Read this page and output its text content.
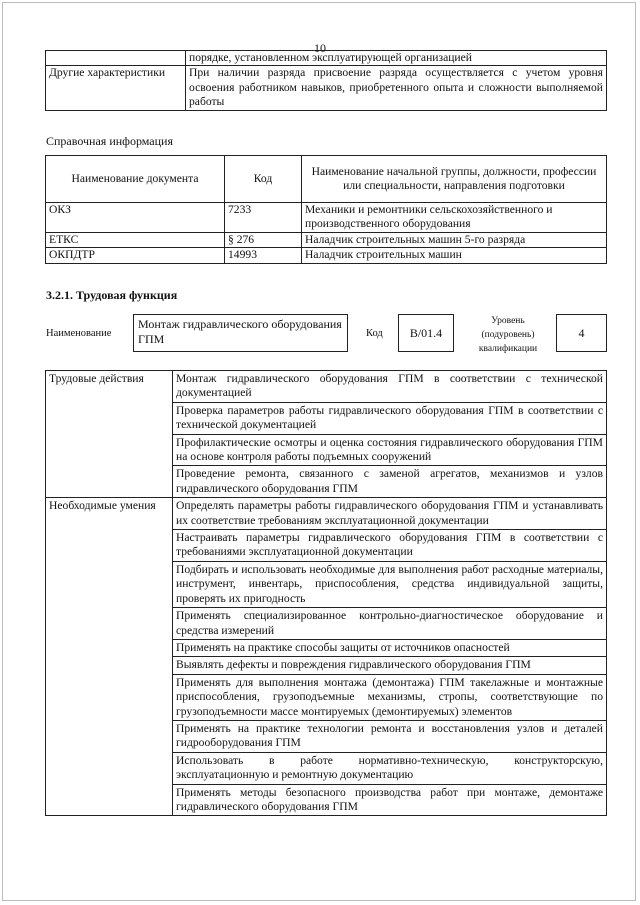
10
	порядке, установленном эксплуатирующей организацией
Другие характеристики	При наличии разряда присвоение разряда осуществляется с учетом уровня освоения работником навыков, приобретенного опыта и сложности выполняемой работы
Справочная информация
Наименование документа	Код	Наименование начальной группы, должности, профессии или специальности, направления подготовки
ОКЗ	7233	Механики и ремонтники сельскохозяйственного и производственного оборудования
ЕТКС	§ 276	Наладчик строительных машин 5-го разряда
ОКПДТР	14993	Наладчик строительных машин
3.2.1. Трудовая функция
Наименование
Монтаж гидравлического оборудования ГПМ	Код	В/01.4
Уровень (подуровень) квалификации
4
Трудовые действия	Монтаж гидравлического оборудования ГПМ в соответствии с технической документацией
	Проверка параметров работы гидравлического оборудования ГПМ в соответствии с технической документацией
	Профилактические осмотры и оценка состояния гидравлического оборудования ГПМ на основе контроля работы подъемных сооружений
	Проведение ремонта, связанного с заменой агрегатов, механизмов и узлов гидравлического оборудования ГПМ
Необходимые умения	Определять параметры работы гидравлического оборудования ГПМ и устанавливать их соответствие требованиям эксплуатационной документации
	Настраивать параметры гидравлического оборудования ГПМ в соответствии с требованиями эксплуатационной документации
	Подбирать и использовать необходимые для выполнения работ расходные материалы, инструмент, инвентарь, приспособления, средства индивидуальной защиты, проверять их пригодность
	Применять специализированное контрольно-диагностическое оборудование и средства измерений
	Применять на практике способы защиты от источников опасностей
	Выявлять дефекты и повреждения гидравлического оборудования ГПМ
	Применять для выполнения монтажа (демонтажа) ГПМ такелажные и монтажные приспособления, грузоподъемные механизмы, стропы, соответствующие по грузоподъемности массе монтируемых (демонтируемых) элементов
	Применять на практике технологии ремонта и восстановления узлов и деталей гидрооборудования ГПМ
	Использовать в работе нормативно-техническую, конструкторскую, эксплуатационную и ремонтную документацию
	Применять методы безопасного производства работ при монтаже, демонтаже гидравлического оборудования ГПМ
